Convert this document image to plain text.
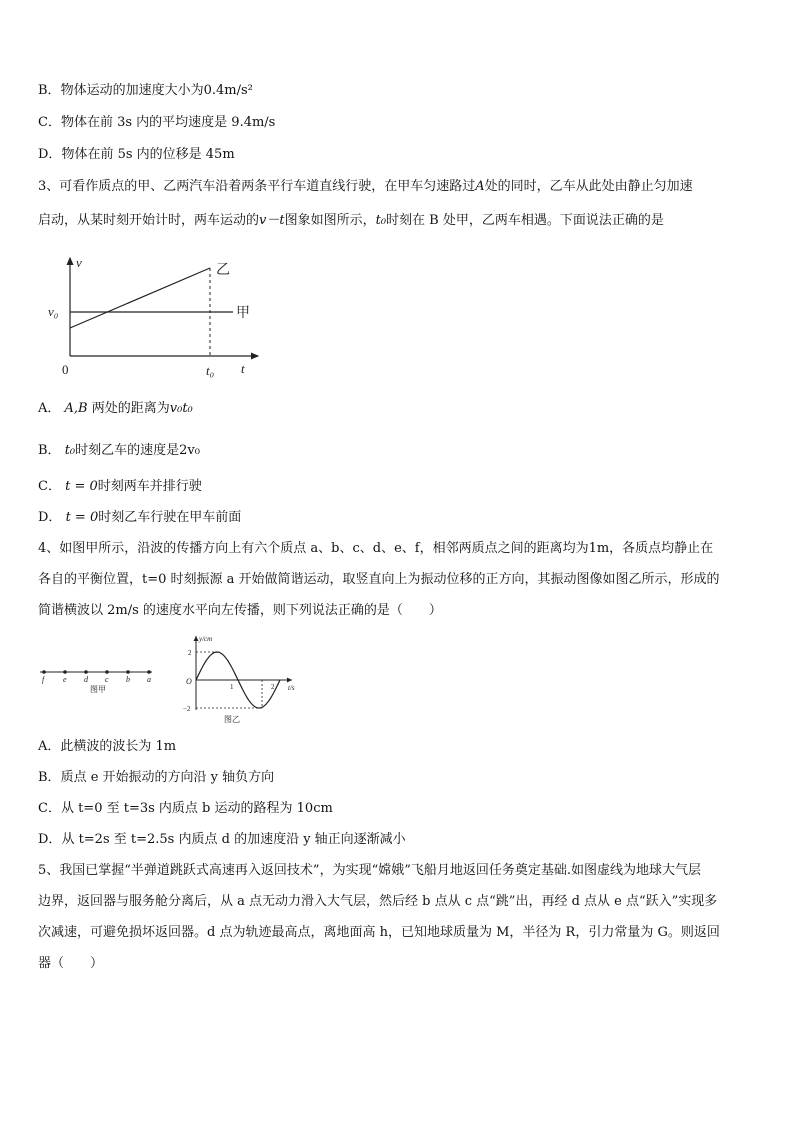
B．物体运动的加速度大小为0.4m/s²
C．物体在前 3s 内的平均速度是 9.4m/s
D．物体在前 5s 内的位移是 45m
3、可看作质点的甲、乙两汽车沿着两条平行车道直线行驶，在甲车匀速路过A处的同时，乙车从此处由静止匀加速
启动，从某时刻开始计时，两车运动的v－t图象如图所示，t₀时刻在 B 处甲，乙两车相遇。下面说法正确的是
v
t
0
v₀
t₀
甲
乙
A． A,B 两处的距离为v₀t₀
B． t₀时刻乙车的速度是2v₀
C． t = 0时刻两车并排行驶
D． t = 0时刻乙车行驶在甲车前面
4、如图甲所示，沿波的传播方向上有六个质点 a、b、c、d、e、f，相邻两质点之间的距离均为1m，各质点均静止在
各自的平衡位置，t=0 时刻振源 a 开始做简谐运动，取竖直向上为振动位移的正方向，其振动图像如图乙所示，形成的
简谐横波以 2m/s 的速度水平向左传播，则下列说法正确的是（　　）
f e d c b a
图甲
y/cm
t/s
O
2
−2
1	2
图乙
A．此横波的波长为 1m
B．质点 e 开始振动的方向沿 y 轴负方向
C．从 t=0 至 t=3s 内质点 b 运动的路程为 10cm
D．从 t=2s 至 t=2.5s 内质点 d 的加速度沿 y 轴正向逐渐减小
5、我国已掌握“半弹道跳跃式高速再入返回技术”，为实现“嫦娥”飞船月地返回任务奠定基础.如图虚线为地球大气层
边界，返回器与服务舱分离后，从 a 点无动力滑入大气层，然后经 b 点从 c 点“跳”出，再经 d 点从 e 点“跃入”实现多
次减速，可避免损坏返回器。d 点为轨迹最高点，离地面高 h，已知地球质量为 M，半径为 R，引力常量为 G。则返回
器（　　）
